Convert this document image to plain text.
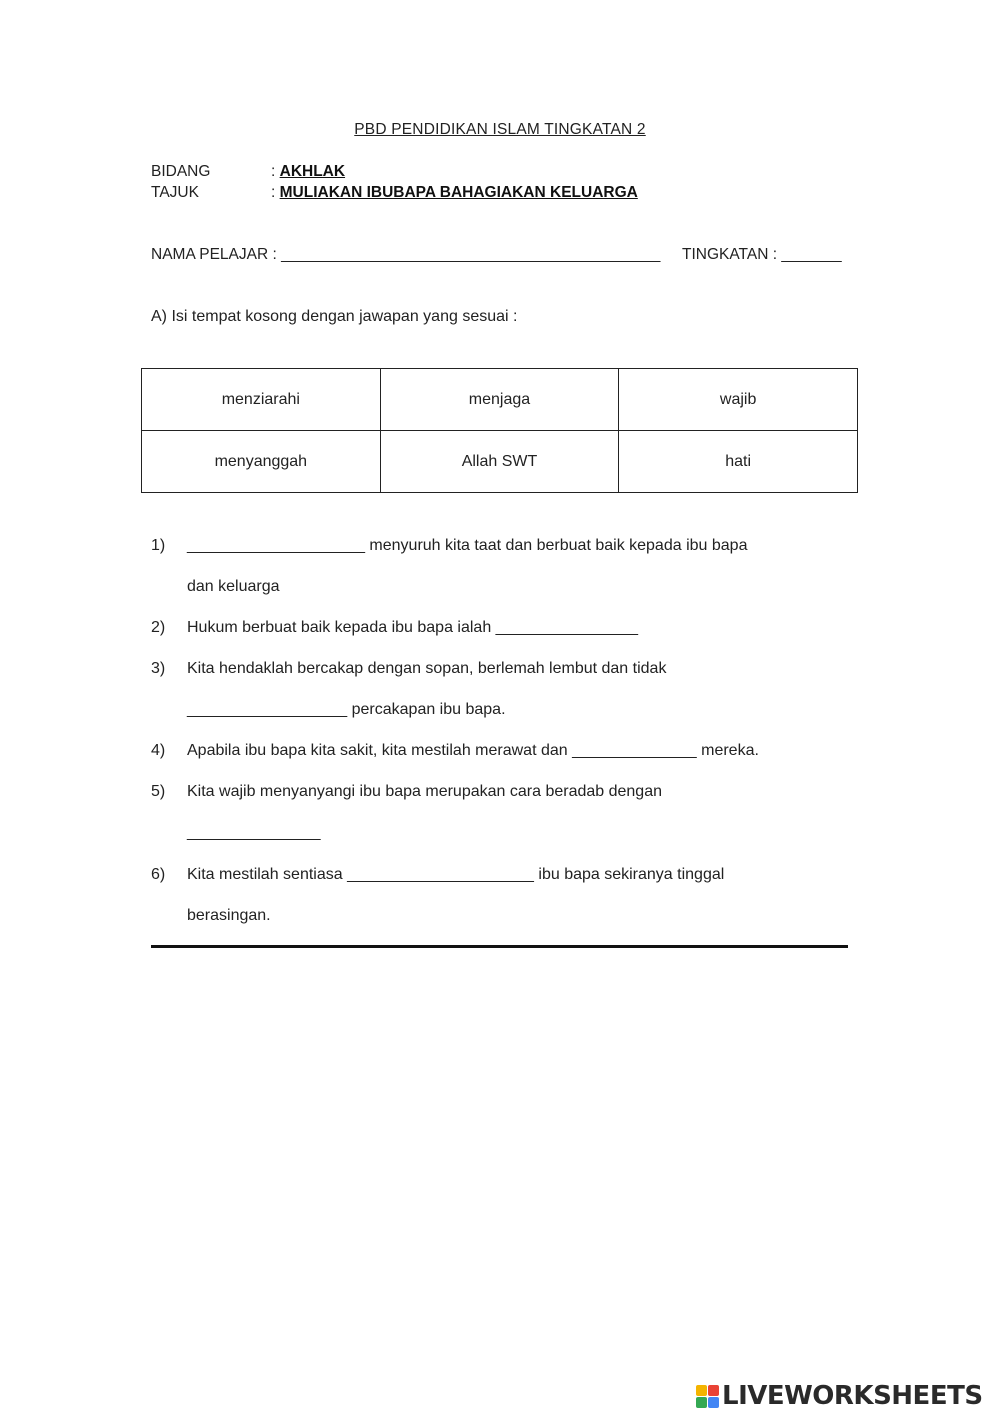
PBD PENDIDIKAN ISLAM TINGKATAN 2
BIDANG	: AKHLAK
TAJUK	: MULIAKAN IBUBAPA BAHAGIAKAN KELUARGA
NAMA PELAJAR : ____________________________________________ TINGKATAN : _______
A) Isi tempat kosong dengan jawapan yang sesuai :
menziarahi	menjaga	wajib
menyanggah	Allah SWT	hati
1)	____________________ menyuruh kita taat dan berbuat baik kepada ibu bapa
dan keluarga
2)	Hukum berbuat baik kepada ibu bapa ialah ________________
3)	Kita hendaklah bercakap dengan sopan, berlemah lembut dan tidak
__________________ percakapan ibu bapa.
4)	Apabila ibu bapa kita sakit, kita mestilah merawat dan ______________ mereka.
5)	Kita wajib menyanyangi ibu bapa merupakan cara beradab dengan
_______________
6)	Kita mestilah sentiasa _____________________ ibu bapa sekiranya tinggal
berasingan.
LIVEWORKSHEETS
